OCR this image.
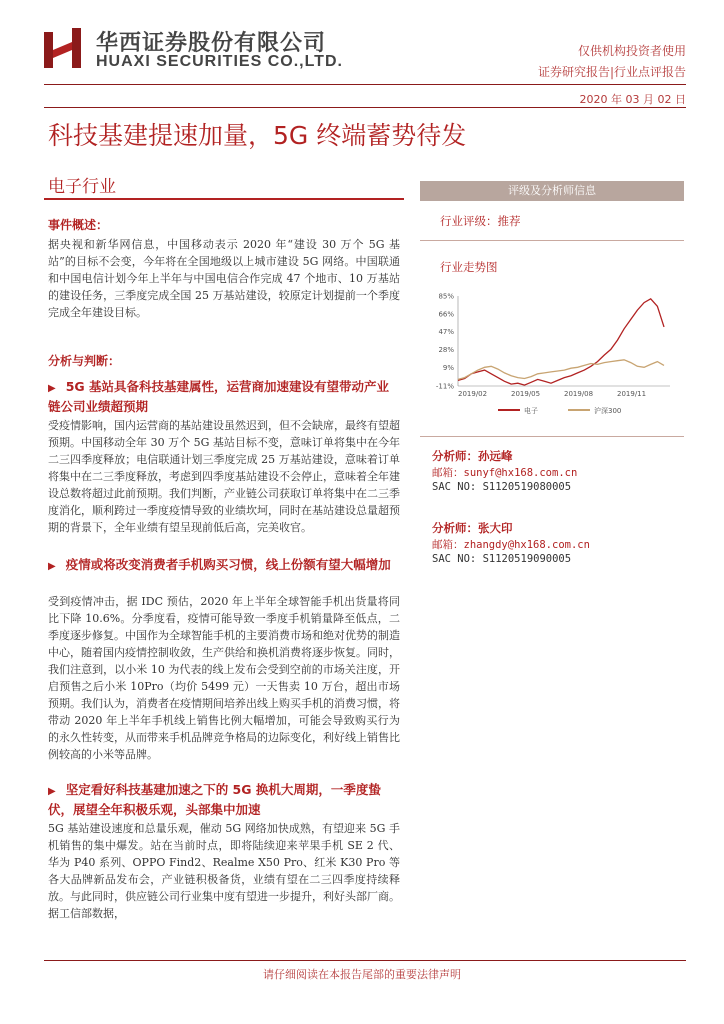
华西证券股份有限公司
HUAXI SECURITIES CO.,LTD.
仅供机构投资者使用
证券研究报告|行业点评报告
2020 年 03 月 02 日
科技基建提速加量，5G 终端蓄势待发
电子行业
事件概述：
据央视和新华网信息，中国移动表示 2020 年“建设 30 万个 5G 基站”的目标不会变，今年将在全国地级以上城市建设 5G 网络。中国联通和中国电信计划今年上半年与中国电信合作完成 47 个地市、10 万基站的建设任务，三季度完成全国 25 万基站建设，较原定计划提前一个季度完成全年建设目标。
分析与判断：
▶ 5G 基站具备科技基建属性，运营商加速建设有望带动产业链公司业绩超预期
受疫情影响，国内运营商的基站建设虽然迟到，但不会缺席，最终有望超预期。中国移动全年 30 万个 5G 基站目标不变，意味订单将集中在今年二三四季度释放；电信联通计划三季度完成 25 万基站建设，意味着订单将集中在二三季度释放，考虑到四季度基站建设不会停止，意味着全年建设总数将超过此前预期。我们判断，产业链公司获取订单将集中在二三季度消化，顺利跨过一季度疫情导致的业绩坎坷，同时在基站建设总量超预期的背景下，全年业绩有望呈现前低后高，完美收官。
▶ 疫情或将改变消费者手机购买习惯，线上份额有望大幅增加
受到疫情冲击，据 IDC 预估，2020 年上半年全球智能手机出货量将同比下降 10.6%。分季度看，疫情可能导致一季度手机销量降至低点，二季度逐步修复。中国作为全球智能手机的主要消费市场和绝对优势的制造中心，随着国内疫情控制收敛，生产供给和换机消费将逐步恢复。同时，我们注意到，以小米 10 为代表的线上发布会受到空前的市场关注度，开启预售之后小米 10Pro（均价 5499 元）一天售卖 10 万台，超出市场预期。我们认为，消费者在疫情期间培养出线上购买手机的消费习惯，将带动 2020 年上半年手机线上销售比例大幅增加，可能会导致购买行为的永久性转变，从而带来手机品牌竞争格局的边际变化，利好线上销售比例较高的小米等品牌。
▶ 坚定看好科技基建加速之下的 5G 换机大周期，一季度蛰伏，展望全年积极乐观，头部集中加速
5G 基站建设速度和总量乐观，催动 5G 网络加快成熟，有望迎来 5G 手机销售的集中爆发。站在当前时点，即将陆续迎来苹果手机 SE 2 代、华为 P40 系列、OPPO Find2、Realme X50 Pro、红米 K30 Pro 等各大品牌新品发布会，产业链积极备货，业绩有望在二三四季度持续释放。与此同时，供应链公司行业集中度有望进一步提升，利好头部厂商。据工信部数据，
评级及分析师信息
行业评级：推荐
行业走势图
85%
66%
47%
28%
9%
-11%
2019/02	2019/05	2019/08	2019/11
电子	沪深300
分析师：孙远峰
邮箱：sunyf@hx168.com.cn
SAC NO: S1120519080005
分析师：张大印
邮箱：zhangdy@hx168.com.cn
SAC NO: S1120519090005
请仔细阅读在本报告尾部的重要法律声明
